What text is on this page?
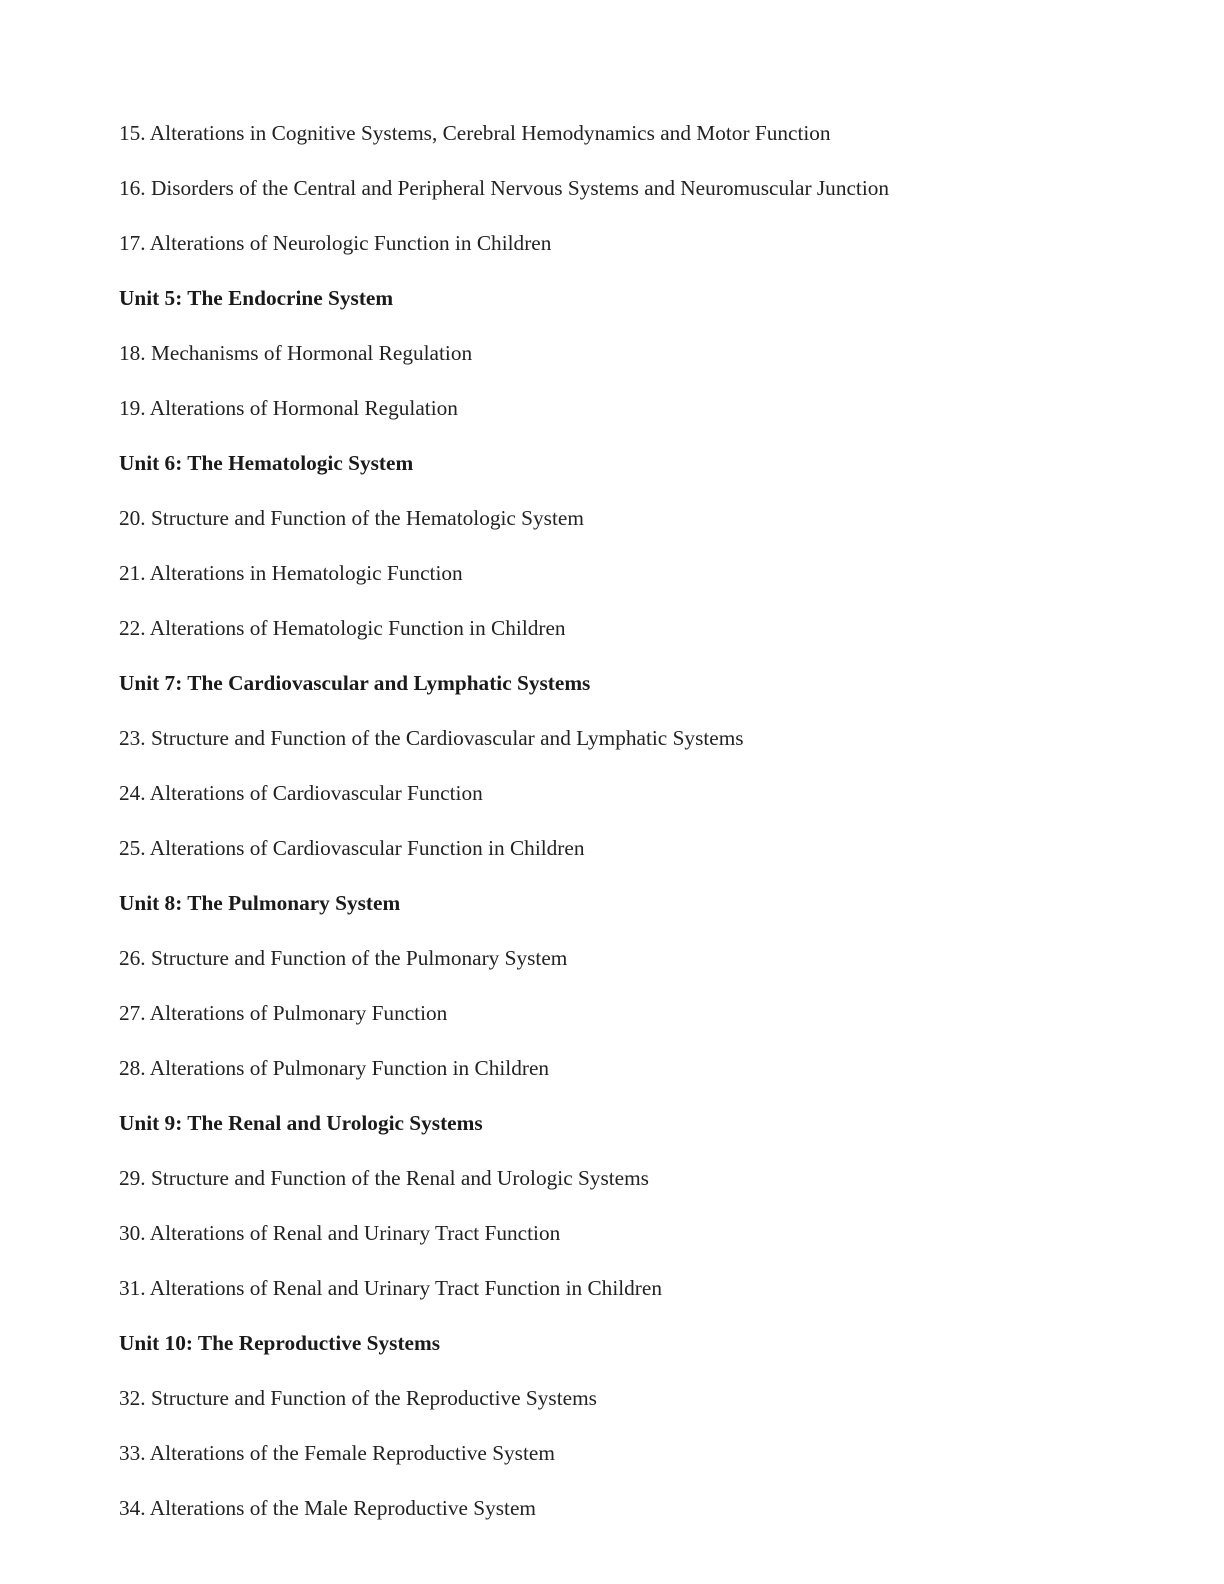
15. Alterations in Cognitive Systems, Cerebral Hemodynamics and Motor Function
16. Disorders of the Central and Peripheral Nervous Systems and Neuromuscular Junction
17. Alterations of Neurologic Function in Children
Unit 5: The Endocrine System
18. Mechanisms of Hormonal Regulation
19. Alterations of Hormonal Regulation
Unit 6: The Hematologic System
20. Structure and Function of the Hematologic System
21. Alterations in Hematologic Function
22. Alterations of Hematologic Function in Children
Unit 7: The Cardiovascular and Lymphatic Systems
23. Structure and Function of the Cardiovascular and Lymphatic Systems
24. Alterations of Cardiovascular Function
25. Alterations of Cardiovascular Function in Children
Unit 8: The Pulmonary System
26. Structure and Function of the Pulmonary System
27. Alterations of Pulmonary Function
28. Alterations of Pulmonary Function in Children
Unit 9: The Renal and Urologic Systems
29. Structure and Function of the Renal and Urologic Systems
30. Alterations of Renal and Urinary Tract Function
31. Alterations of Renal and Urinary Tract Function in Children
Unit 10: The Reproductive Systems
32. Structure and Function of the Reproductive Systems
33. Alterations of the Female Reproductive System
34. Alterations of the Male Reproductive System
